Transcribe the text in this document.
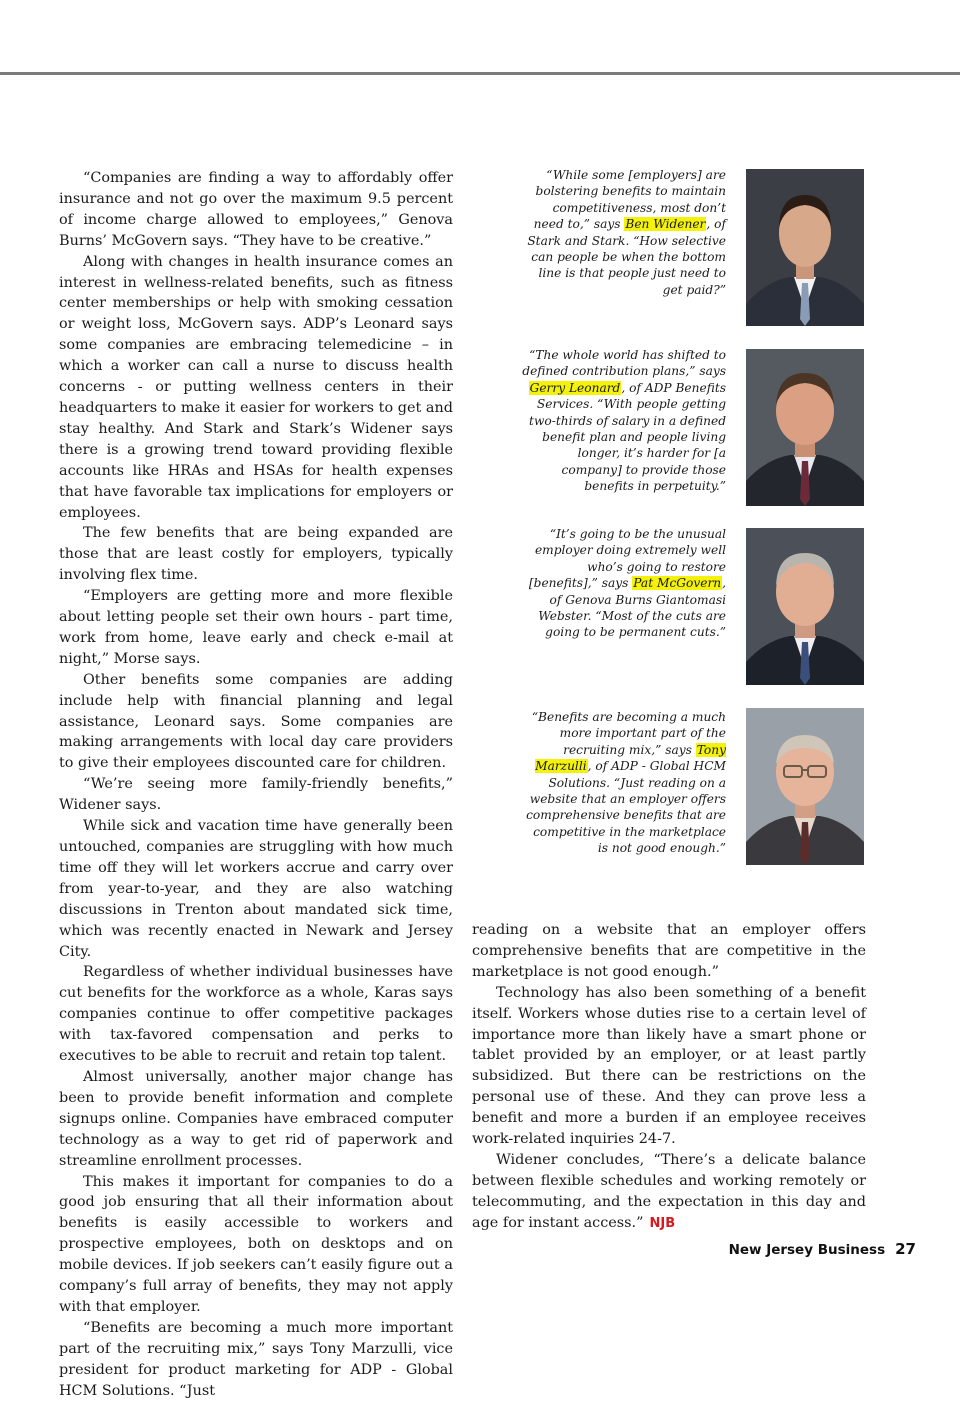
“Companies are finding a way to affordably offer insurance and not go over the maximum 9.5 percent of income charge allowed to employees,” Genova Burns’ McGovern says. “They have to be creative.”

Along with changes in health insurance comes an interest in wellness-related benefits, such as fitness center memberships or help with smoking cessation or weight loss, McGovern says. ADP’s Leonard says some companies are embracing telemedicine – in which a worker can call a nurse to discuss health concerns - or putting wellness centers in their headquarters to make it easier for workers to get and stay healthy. And Stark and Stark’s Widener says there is a growing trend toward providing flexible accounts like HRAs and HSAs for health expenses that have favorable tax implications for employers or employees.

The few benefits that are being expanded are those that are least costly for employers, typically involving flex time.

“Employers are getting more and more flexible about letting people set their own hours - part time, work from home, leave early and check e-mail at night,” Morse says.

Other benefits some companies are adding include help with financial planning and legal assistance, Leonard says. Some companies are making arrangements with local day care providers to give their employees discounted care for children.

“We’re seeing more family-friendly benefits,” Widener says.

While sick and vacation time have generally been untouched, companies are struggling with how much time off they will let workers accrue and carry over from year-to-year, and they are also watching discussions in Trenton about mandated sick time, which was recently enacted in Newark and Jersey City.

Regardless of whether individual businesses have cut benefits for the workforce as a whole, Karas says companies continue to offer competitive packages with tax-favored compensation and perks to executives to be able to recruit and retain top talent.

Almost universally, another major change has been to provide benefit information and complete signups online. Companies have embraced computer technology as a way to get rid of paperwork and streamline enrollment processes.

This makes it important for companies to do a good job ensuring that all their information about benefits is easily accessible to workers and prospective employees, both on desktops and on mobile devices. If job seekers can’t easily figure out a company’s full array of benefits, they may not apply with that employer.

“Benefits are becoming a much more important part of the recruiting mix,” says Tony Marzulli, vice president for product marketing for ADP - Global HCM Solutions. “Just

“While some [employers] are bolstering benefits to maintain competitiveness, most don’t need to,” says Ben Widener, of Stark and Stark. “How selective can people be when the bottom line is that people just need to get paid?”
“The whole world has shifted to defined contribution plans,” says Gerry Leonard, of ADP Benefits Services. “With people getting two-thirds of salary in a defined benefit plan and people living longer, it’s harder for [a company] to provide those benefits in perpetuity.”
“It’s going to be the unusual employer doing extremely well who’s going to restore [benefits],” says Pat McGovern, of Genova Burns Giantomasi Webster. “Most of the cuts are going to be permanent cuts.”
“Benefits are becoming a much more important part of the recruiting mix,” says Tony Marzulli, of ADP - Global HCM Solutions. “Just reading on a website that an employer offers comprehensive benefits that are competitive in the marketplace is not good enough.”

reading on a website that an employer offers comprehensive benefits that are competitive in the marketplace is not good enough.”

Technology has also been something of a benefit itself. Workers whose duties rise to a certain level of importance more than likely have a smart phone or tablet provided by an employer, or at least partly subsidized. But there can be restrictions on the personal use of these. And they can prove less a benefit and more a burden if an employee receives work-related inquiries 24-7.

Widener concludes, “There’s a delicate balance between flexible schedules and working remotely or telecommuting, and the expectation in this day and age for instant access.” NJB

New Jersey Business 27
